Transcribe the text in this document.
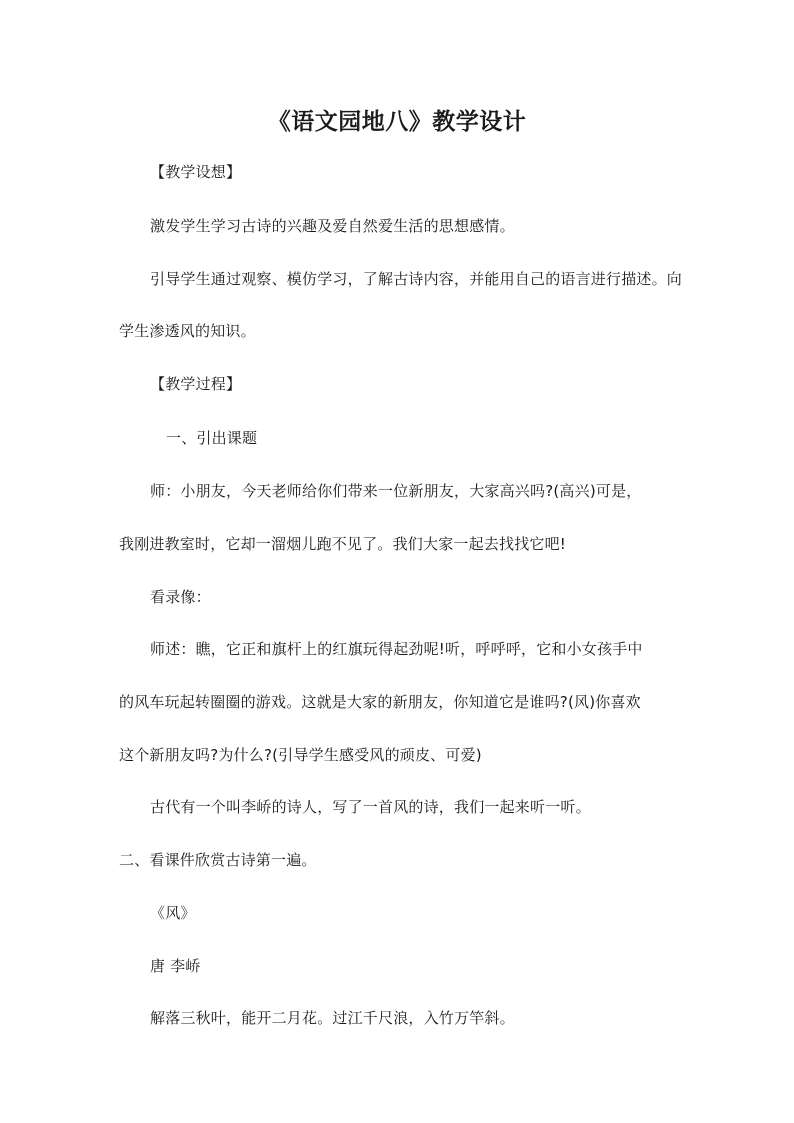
《语文园地八》教学设计
【教学设想】
激发学生学习古诗的兴趣及爱自然爱生活的思想感情。
引导学生通过观察、模仿学习，了解古诗内容，并能用自己的语言进行描述。向
学生渗透风的知识。
【教学过程】
一、引出课题
师：小朋友，今天老师给你们带来一位新朋友，大家高兴吗?(高兴)可是，
我刚进教室时，它却一溜烟儿跑不见了。我们大家一起去找找它吧!
看录像：
师述：瞧，它正和旗杆上的红旗玩得起劲呢!听，呼呼呼，它和小女孩手中
的风车玩起转圈圈的游戏。这就是大家的新朋友，你知道它是谁吗?(风)你喜欢
这个新朋友吗?为什么?(引导学生感受风的顽皮、可爱)
古代有一个叫李峤的诗人，写了一首风的诗，我们一起来听一听。
二、看课件欣赏古诗第一遍。
《风》
唐 李峤
解落三秋叶，能开二月花。过江千尺浪，入竹万竿斜。
